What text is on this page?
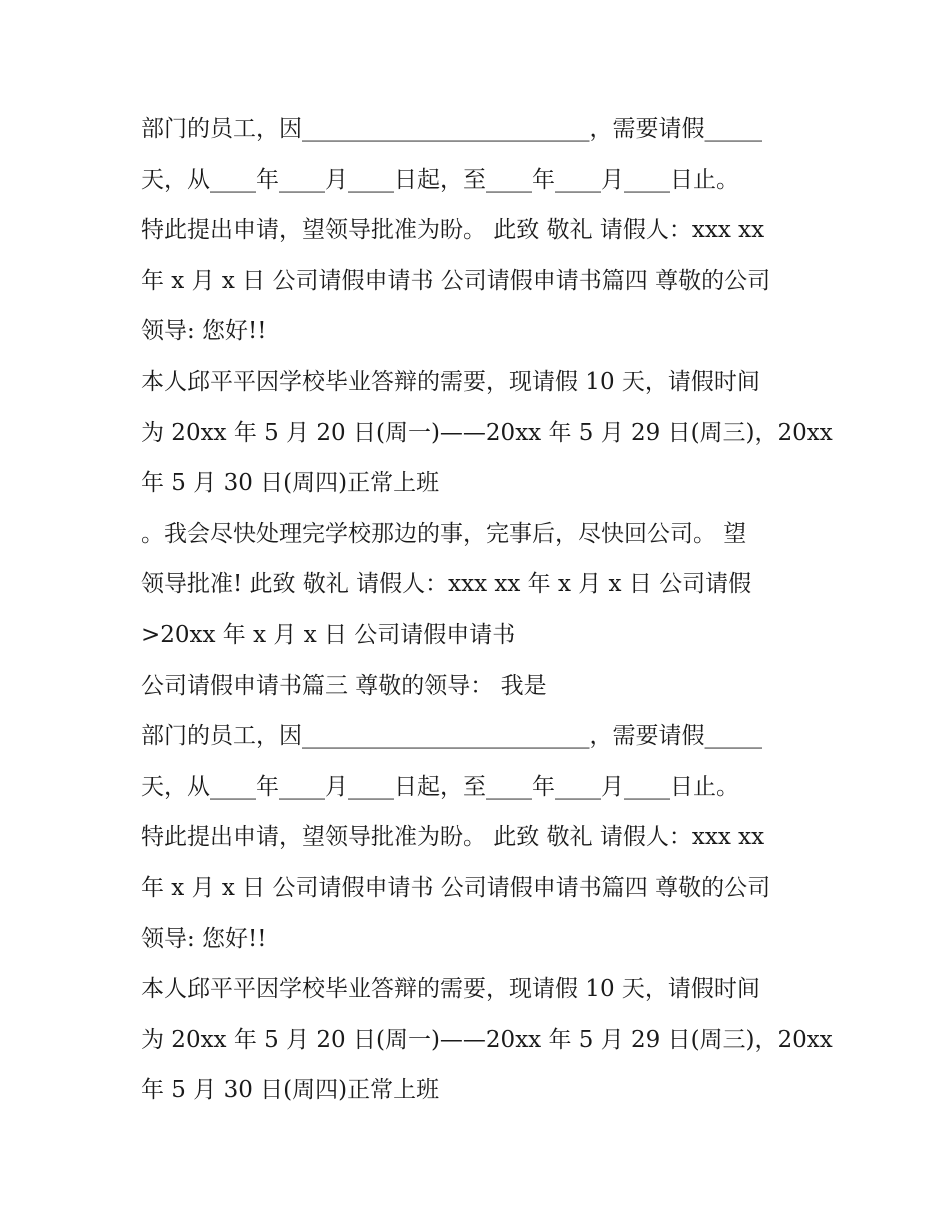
部门的员工，因_________________________，需要请假_____

天，从____年____月____日起，至____年____月____日止。

特此提出申请，望领导批准为盼。 此致 敬礼 请假人：xxx xx

年 x 月 x 日 公司请假申请书 公司请假申请书篇四 尊敬的公司

领导: 您好!!

本人邱平平因学校毕业答辩的需要，现请假 10 天，请假时间

为 20xx 年 5 月 20 日(周一)——20xx 年 5 月 29 日(周三)，20xx

年 5 月 30 日(周四)正常上班

。我会尽快处理完学校那边的事，完事后，尽快回公司。 望

领导批准! 此致 敬礼 请假人：xxx xx 年 x 月 x 日 公司请假

>20xx 年 x 月 x 日 公司请假申请书

公司请假申请书篇三 尊敬的领导： 我是

部门的员工，因_________________________，需要请假_____

天，从____年____月____日起，至____年____月____日止。

特此提出申请，望领导批准为盼。 此致 敬礼 请假人：xxx xx

年 x 月 x 日 公司请假申请书 公司请假申请书篇四 尊敬的公司

领导: 您好!!

本人邱平平因学校毕业答辩的需要，现请假 10 天，请假时间

为 20xx 年 5 月 20 日(周一)——20xx 年 5 月 29 日(周三)，20xx

年 5 月 30 日(周四)正常上班
